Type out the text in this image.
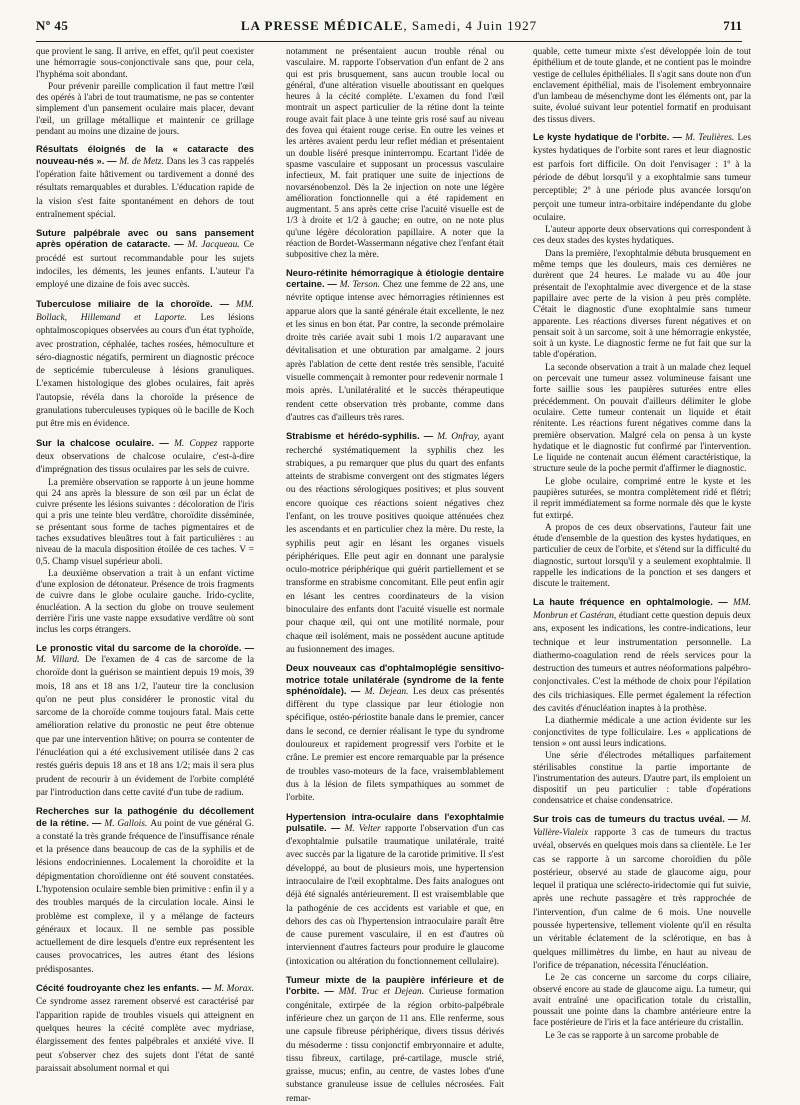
Nº 45	LA PRESSE MÉDICALE, Samedi, 4 Juin 1927	711

que provient le sang. Il arrive, en effet, qu'il peut coexister une hémorragie sous-conjonctivale sans que, pour cela, l'hyphéma soit abondant.

Pour prévenir pareille complication il faut mettre l'œil des opérés à l'abri de tout traumatisme, ne pas se contenter simplement d'un pansement oculaire mais placer, devant l'œil, un grillage métallique et maintenir ce grillage pendant au moins une dizaine de jours.

Résultats éloignés de la « cataracte des nouveau-nés ». — M. de Metz. Dans les 3 cas rappelés l'opération faite hâtivement ou tardivement a donné des résultats remarquables et durables. L'éducation rapide de la vision s'est faite spontanément en dehors de tout entraînement spécial.
Suture palpébrale avec ou sans pansement après opération de cataracte. — M. Jacqueau. Ce procédé est surtout recommandable pour les sujets indociles, les déments, les jeunes enfants. L'auteur l'a employé une dizaine de fois avec succès.
Tuberculose miliaire de la choroïde. — MM. Bollack, Hillemand et Laporte. Les lésions ophtalmoscopiques observées au cours d'un état typhoïde, avec prostration, céphalée, taches rosées, hémoculture et séro-diagnostic négatifs, permirent un diagnostic précoce de septicémie tuberculeuse à lésions granuliques. L'examen histologique des globes oculaires, fait après l'autopsie, révéla dans la choroïde la présence de granulations tuberculeuses typiques où le bacille de Koch put être mis en évidence.
Sur la chalcose oculaire. — M. Coppez rapporte deux observations de chalcose oculaire, c'est-à-dire d'imprégnation des tissus oculaires par les sels de cuivre.

La première observation se rapporte à un jeune homme qui 24 ans après la blessure de son œil par un éclat de cuivre présente les lésions suivantes : décoloration de l'iris qui a pris une teinte bleu verdâtre, choroïdite disséminée, se présentant sous forme de taches pigmentaires et de taches exsudatives bleuâtres tout à fait particulières : au niveau de la macula disposition étoilée de ces taches. V = 0,5. Champ visuel supérieur aboli.

La deuxième observation a trait à un enfant victime d'une explosion de détonateur. Présence de trois fragments de cuivre dans le globe oculaire gauche. Irido-cyclite, énucléation. A la section du globe on trouve seulement derrière l'iris une vaste nappe exsudative verdâtre où sont inclus les corps étrangers.

Le pronostic vital du sarcome de la choroïde. — M. Villard. De l'examen de 4 cas de sarcome de la choroïde dont la guérison se maintient depuis 19 mois, 39 mois, 18 ans et 18 ans 1/2, l'auteur tire la conclusion qu'on ne peut plus considérer le pronostic vital du sarcome de la choroïde comme toujours fatal. Mais cette amélioration relative du pronostic ne peut être obtenue que par une intervention hâtive; on pourra se contenter de l'énucléation qui a été exclusivement utilisée dans 2 cas restés guéris depuis 18 ans et 18 ans 1/2; mais il sera plus prudent de recourir à un évidement de l'orbite complété par l'introduction dans cette cavité d'un tube de radium.
Recherches sur la pathogénie du décollement de la rétine. — M. Gallois. Au point de vue général G. a constaté la très grande fréquence de l'insuffisance rénale et la présence dans beaucoup de cas de la syphilis et de lésions endocriniennes. Localement la choroïdite et la dépigmentation choroïdienne ont été souvent constatées. L'hypotension oculaire semble bien primitive : enfin il y a des troubles marqués de la circulation locale. Ainsi le problème est complexe, il y a mélange de facteurs généraux et locaux. Il ne semble pas possible actuellement de dire lesquels d'entre eux représentent les causes provocatrices, les autres étant des lésions prédisposantes.
Cécité foudroyante chez les enfants. — M. Morax. Ce syndrome assez rarement observé est caractérisé par l'apparition rapide de troubles visuels qui atteignent en quelques heures la cécité complète avec mydriase, élargissement des fentes palpébrales et anxiété vive. Il peut s'observer chez des sujets dont l'état de santé paraissait absolument normal et qui

notamment ne présentaient aucun trouble rénal ou vasculaire. M. rapporte l'observation d'un enfant de 2 ans qui est pris brusquement, sans aucun trouble local ou général, d'une altération visuelle aboutissant en quelques heures à la cécité complète. L'examen du fond l'œil montrait un aspect particulier de la rétine dont la teinte rouge avait fait place à une teinte gris rosé sauf au niveau des fovea qui étaient rouge cerise. En outre les veines et les artères avaient perdu leur reflet médian et présentaient un double liséré presque ininterrompu. Ecartant l'idée de spasme vasculaire et supposant un processus vasculaire infectieux, M. fait pratiquer une suite de injections de novarsénobenzol. Dès la 2e injection on note une légère amélioration fonctionnelle qui a été rapidement en augmentant. 5 ans après cette crise l'acuité visuelle est de 1/3 à droite et 1/2 à gauche; en outre, on ne note plus qu'une légère décoloration papillaire. A noter que la réaction de Bordet-Wassermann négative chez l'enfant était subpositive chez la mère.

Neuro-rétinite hémorragique à étiologie dentaire certaine. — M. Terson. Chez une femme de 22 ans, une névrite optique intense avec hémorragies rétiniennes est apparue alors que la santé générale était excellente, le nez et les sinus en bon état. Par contre, la seconde prémolaire droite très cariée avait subi 1 mois 1/2 auparavant une dévitalisation et une obturation par amalgame. 2 jours après l'ablation de cette dent restée très sensible, l'acuité visuelle commençait à remonter pour redevenir normale 1 mois après. L'unilatéralité et le succès thérapeutique rendent cette observation très probante, comme dans d'autres cas d'ailleurs très rares.
Strabisme et hérédo-syphilis. — M. Onfray, ayant recherché systématiquement la syphilis chez les strabiques, a pu remarquer que plus du quart des enfants atteints de strabisme convergent ont des stigmates légers ou des réactions sérologiques positives; et plus souvent encore quoique ces réactions soient négatives chez l'enfant, on les trouve positives quoique atténuées chez les ascendants et en particulier chez la mère. Du reste, la syphilis peut agir en lésant les organes visuels périphériques. Elle peut agir en donnant une paralysie oculo-motrice périphérique qui guérit partiellement et se transforme en strabisme concomitant. Elle peut enfin agir en lésant les centres coordinateurs de la vision binoculaire des enfants dont l'acuité visuelle est normale pour chaque œil, qui ont une motilité normale, pour chaque œil isolément, mais ne possèdent aucune aptitude au fusionnement des images.
Deux nouveaux cas d'ophtalmoplégie sensitivo-motrice totale unilatérale (syndrome de la fente sphénoïdale). — M. Dejean. Les deux cas présentés diffèrent du type classique par leur étiologie non spécifique, ostéo-périostite banale dans le premier, cancer dans le second, ce dernier réalisant le type du syndrome douloureux et rapidement progressif vers l'orbite et le crâne. Le premier est encore remarquable par la présence de troubles vaso-moteurs de la face, vraisemblablement dus à la lésion de filets sympathiques au sommet de l'orbite.
Hypertension intra-oculaire dans l'exophtalmie pulsatile. — M. Velter rapporte l'observation d'un cas d'exophtalmie pulsatile traumatique unilatérale, traité avec succès par la ligature de la carotide primitive. Il s'est développé, au bout de plusieurs mois, une hypertension intraoculaire de l'œil exophtalme. Des faits analogues ont déjà été signalés antérieurement. Il est vraisemblable que la pathogénie de ces accidents est variable et que, en dehors des cas où l'hypertension intraoculaire paraît être de cause purement vasculaire, il en est d'autres où interviennent d'autres facteurs pour produire le glaucome (intoxication ou altération du fonctionnement cellulaire).
Tumeur mixte de la paupière inférieure et de l'orbite. — MM. Truc et Dejean. Curieuse formation congénitale, extirpée de la région orbito-palpébrale inférieure chez un garçon de 11 ans. Elle renferme, sous une capsule fibreuse périphérique, divers tissus dérivés du mésoderme : tissu conjonctif embryonnaire et adulte, tissu fibreux, cartilage, pré-cartilage, muscle strié, graisse, mucus; enfin, au centre, de vastes lobes d'une substance granuleuse issue de cellules nécrosées. Fait remar-

quable, cette tumeur mixte s'est développée loin de tout épithélium et de toute glande, et ne contient pas le moindre vestige de cellules épithéliales. Il s'agit sans doute non d'un enclavement épithélial, mais de l'isolement embryonnaire d'un lambeau de mésenchyme dont les éléments ont, par la suite, évolué suivant leur potentiel formatif en produisant des tissus divers.

Le kyste hydatique de l'orbite. — M. Teulières. Les kystes hydatiques de l'orbite sont rares et leur diagnostic est parfois fort difficile. On doit l'envisager : 1º à la période de début lorsqu'il y a exophtalmie sans tumeur perceptible; 2º à une période plus avancée lorsqu'on perçoit une tumeur intra-orbitaire indépendante du globe oculaire.

L'auteur apporte deux observations qui correspondent à ces deux stades des kystes hydatiques.

Dans la première, l'exophtalmie débuta brusquement en même temps que les douleurs, mais ces dernières ne durèrent que 24 heures. Le malade vu au 40e jour présentait de l'exophtalmie avec divergence et de la stase papillaire avec perte de la vision à peu près complète. C'était le diagnostic d'une exophtalmie sans tumeur apparente. Les réactions diverses furent négatives et on pensait soit à un sarcome, soit à une hémorragie enkystée, soit à un kyste. Le diagnostic ferme ne fut fait que sur la table d'opération.

La seconde observation a trait à un malade chez lequel on percevait une tumeur assez volumineuse faisant une forte saillie sous les paupières suturées entre elles précédemment. On pouvait d'ailleurs délimiter le globe oculaire. Cette tumeur contenait un liquide et était rénitente. Les réactions furent négatives comme dans la première observation. Malgré cela on pensa à un kyste hydatique et le diagnostic fut confirmé par l'intervention. Le liquide ne contenait aucun élément caractéristique, la structure seule de la poche permit d'affirmer le diagnostic.

Le globe oculaire, comprimé entre le kyste et les paupières suturées, se montra complètement ridé et flétri; il reprit immédiatement sa forme normale dès que le kyste fut extirpé.

A propos de ces deux observations, l'auteur fait une étude d'ensemble de la question des kystes hydatiques, en particulier de ceux de l'orbite, et s'étend sur la difficulté du diagnostic, surtout lorsqu'il y a seulement exophtalmie. Il rappelle les indications de la ponction et ses dangers et discute le traitement.

La haute fréquence en ophtalmologie. — MM. Monbrun et Castéran, étudiant cette question depuis deux ans, exposent les indications, les contre-indications, leur technique et leur instrumentation personnelle. La diathermo-coagulation rend de réels services pour la destruction des tumeurs et autres néoformations palpébro-conjonctivales. C'est la méthode de choix pour l'épilation des cils trichiasiques. Elle permet également la réfection des cavités d'énucléation inaptes à la prothèse.

La diathermie médicale a une action évidente sur les conjonctivites de type folliculaire. Les « applications de tension » ont aussi leurs indications.

Une série d'électrodes métalliques parfaitement stérilisables constitue la partie importante de l'instrumentation des auteurs. D'autre part, ils emploient un dispositif un peu particulier : table d'opérations condensatrice et chaise condensatrice.

Sur trois cas de tumeurs du tractus uvéal. — M. Vallère-Vialeix rapporte 3 cas de tumeurs du tractus uvéal, observés en quelques mois dans sa clientèle. Le 1er cas se rapporte à un sarcome choroïdien du pôle postérieur, observé au stade de glaucome aigu, pour lequel il pratiqua une sclérecto-iridectomie qui fut suivie, après une rechute passagère et très rapprochée de l'intervention, d'un calme de 6 mois. Une nouvelle poussée hypertensive, tellement violente qu'il en résulta un véritable éclatement de la sclérotique, en bas à quelques millimètres du limbe, en haut au niveau de l'orifice de trépanation, nécessita l'énucléation.

Le 2e cas concerne un sarcome du corps ciliaire, observé encore au stade de glaucome aigu. La tumeur, qui avait entraîné une opacification totale du cristallin, poussait une pointe dans la chambre antérieure entre la face postérieure de l'iris et la face antérieure du cristallin.

Le 3e cas se rapporte à un sarcome probable de
